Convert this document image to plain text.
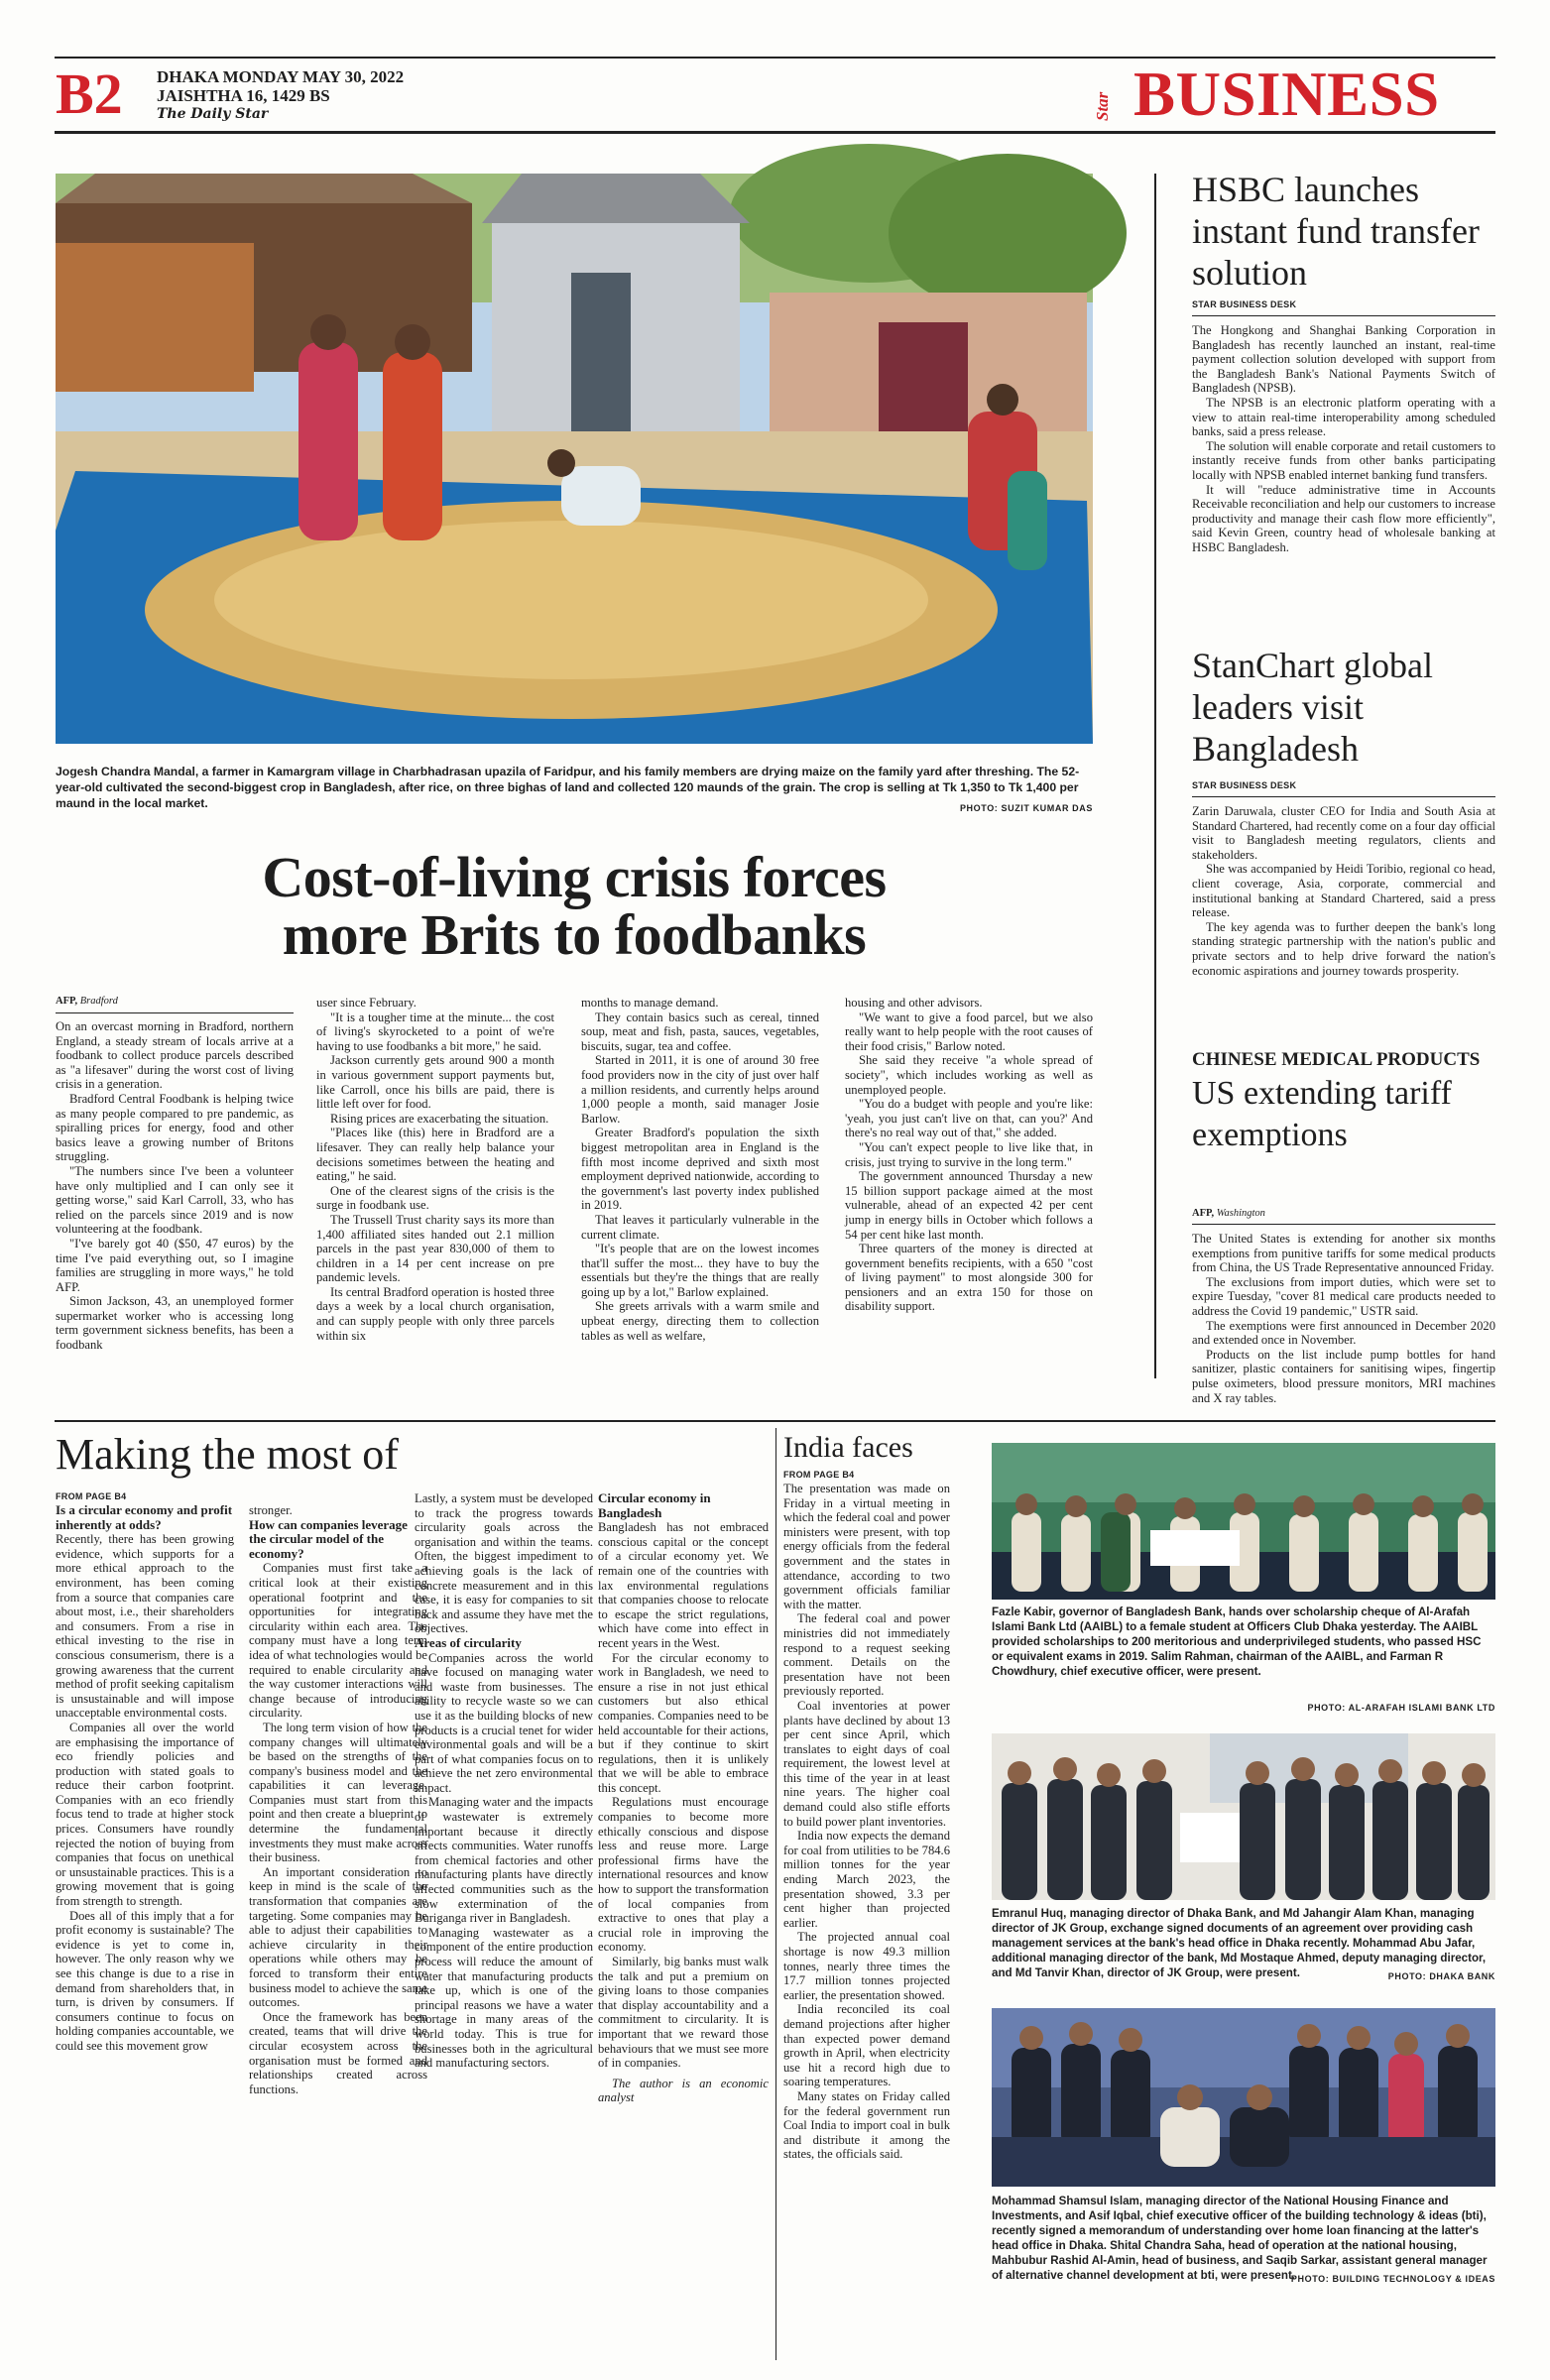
B2 DHAKA MONDAY MAY 30, 2022
JAISHTHA 16, 1429 BS
The Daily Star	Star BUSINESS
Jogesh Chandra Mandal, a farmer in Kamargram village in Charbhadrasan upazila of Faridpur, and his family members are drying maize on the family yard after threshing. The 52-year-old cultivated the second-biggest crop in Bangladesh, after rice, on three bighas of land and collected 120 maunds of the grain. The crop is selling at Tk 1,350 to Tk 1,400 per maund in the local market.	PHOTO: SUZIT KUMAR DAS
Cost-of-living crisis forces
more Brits to foodbanks
AFP, Bradford

On an overcast morning in Bradford, northern England, a steady stream of locals arrive at a foodbank to collect produce parcels described as "a lifesaver" during the worst cost of living crisis in a generation.

Bradford Central Foodbank is helping twice as many people compared to pre pandemic, as spiralling prices for energy, food and other basics leave a growing number of Britons struggling.

"The numbers since I've been a volunteer have only multiplied and I can only see it getting worse," said Karl Carroll, 33, who has relied on the parcels since 2019 and is now volunteering at the foodbank.

"I've barely got 40 ($50, 47 euros) by the time I've paid everything out, so I imagine families are struggling in more ways," he told AFP.

Simon Jackson, 43, an unemployed former supermarket worker who is accessing long term government sickness benefits, has been a foodbank

user since February.

"It is a tougher time at the minute... the cost of living's skyrocketed to a point of we're having to use foodbanks a bit more," he said.

Jackson currently gets around 900 a month in various government support payments but, like Carroll, once his bills are paid, there is little left over for food.

Rising prices are exacerbating the situation.

"Places like (this) here in Bradford are a lifesaver. They can really help balance your decisions sometimes between the heating and eating," he said.

One of the clearest signs of the crisis is the surge in foodbank use.

The Trussell Trust charity says its more than 1,400 affiliated sites handed out 2.1 million parcels in the past year 830,000 of them to children in a 14 per cent increase on pre pandemic levels.

Its central Bradford operation is hosted three days a week by a local church organisation, and can supply people with only three parcels within six

months to manage demand.

They contain basics such as cereal, tinned soup, meat and fish, pasta, sauces, vegetables, biscuits, sugar, tea and coffee.

Started in 2011, it is one of around 30 free food providers now in the city of just over half a million residents, and currently helps around 1,000 people a month, said manager Josie Barlow.

Greater Bradford's population the sixth biggest metropolitan area in England is the fifth most income deprived and sixth most employment deprived nationwide, according to the government's last poverty index published in 2019.

That leaves it particularly vulnerable in the current climate.

"It's people that are on the lowest incomes that'll suffer the most... they have to buy the essentials but they're the things that are really going up by a lot," Barlow explained.

She greets arrivals with a warm smile and upbeat energy, directing them to collection tables as well as welfare,

housing and other advisors.

"We want to give a food parcel, but we also really want to help people with the root causes of their food crisis," Barlow noted.

She said they receive "a whole spread of society", which includes working as well as unemployed people.

"You do a budget with people and you're like: 'yeah, you just can't live on that, can you?' And there's no real way out of that," she added.

"You can't expect people to live like that, in crisis, just trying to survive in the long term."

The government announced Thursday a new 15 billion support package aimed at the most vulnerable, ahead of an expected 42 per cent jump in energy bills in October which follows a 54 per cent hike last month.

Three quarters of the money is directed at government benefits recipients, with a 650 "cost of living payment" to most alongside 300 for pensioners and an extra 150 for those on disability support.

HSBC launches instant fund transfer solution
STAR BUSINESS DESK

The Hongkong and Shanghai Banking Corporation in Bangladesh has recently launched an instant, real-time payment collection solution developed with support from the Bangladesh Bank's National Payments Switch of Bangladesh (NPSB).

The NPSB is an electronic platform operating with a view to attain real-time interoperability among scheduled banks, said a press release.

The solution will enable corporate and retail customers to instantly receive funds from other banks participating locally with NPSB enabled internet banking fund transfers.

It will "reduce administrative time in Accounts Receivable reconciliation and help our customers to increase productivity and manage their cash flow more efficiently", said Kevin Green, country head of wholesale banking at HSBC Bangladesh.

StanChart global leaders visit Bangladesh
STAR BUSINESS DESK

Zarin Daruwala, cluster CEO for India and South Asia at Standard Chartered, had recently come on a four day official visit to Bangladesh meeting regulators, clients and stakeholders.

She was accompanied by Heidi Toribio, regional co head, client coverage, Asia, corporate, commercial and institutional banking at Standard Chartered, said a press release.

The key agenda was to further deepen the bank's long standing strategic partnership with the nation's public and private sectors and to help drive forward the nation's economic aspirations and journey towards prosperity.

CHINESE MEDICAL PRODUCTS
US extending tariff exemptions
AFP, Washington

The United States is extending for another six months exemptions from punitive tariffs for some medical products from China, the US Trade Representative announced Friday.

The exclusions from import duties, which were set to expire Tuesday, "cover 81 medical care products needed to address the Covid 19 pandemic," USTR said.

The exemptions were first announced in December 2020 and extended once in November.

Products on the list include pump bottles for hand sanitizer, plastic containers for sanitising wipes, fingertip pulse oximeters, blood pressure monitors, MRI machines and X ray tables.

Making the most of
FROM PAGE B4
Is a circular economy and profit inherently at odds?

Recently, there has been growing evidence, which supports for a more ethical approach to the environment, has been coming from a source that companies care about most, i.e., their shareholders and consumers. From a rise in ethical investing to the rise in conscious consumerism, there is a growing awareness that the current method of profit seeking capitalism is unsustainable and will impose unacceptable environmental costs.

Companies all over the world are emphasising the importance of eco friendly policies and production with stated goals to reduce their carbon footprint. Companies with an eco friendly focus tend to trade at higher stock prices. Consumers have roundly rejected the notion of buying from companies that focus on unethical or unsustainable practices. This is a growing movement that is going from strength to strength.

Does all of this imply that a for profit economy is sustainable? The evidence is yet to come in, however. The only reason why we see this change is due to a rise in demand from shareholders that, in turn, is driven by consumers. If consumers continue to focus on holding companies accountable, we could see this movement grow

stronger.

How can companies leverage the circular model of the economy?

Companies must first take a critical look at their existing operational footprint and the opportunities for integrating circularity within each area. The company must have a long term idea of what technologies would be required to enable circularity and the way customer interactions will change because of introducing circularity.

The long term vision of how the company changes will ultimately be based on the strengths of the company's business model and the capabilities it can leverage. Companies must start from this point and then create a blueprint to determine the fundamental investments they must make across their business.

An important consideration to keep in mind is the scale of the transformation that companies are targeting. Some companies may be able to adjust their capabilities to achieve circularity in their operations while others may be forced to transform their entire business model to achieve the same outcomes.

Once the framework has been created, teams that will drive the circular ecosystem across the organisation must be formed and relationships created across functions.

Lastly, a system must be developed to track the progress towards circularity goals across the organisation and within the teams. Often, the biggest impediment to achieving goals is the lack of concrete measurement and in this case, it is easy for companies to sit back and assume they have met the objectives.

Areas of circularity

Companies across the world have focused on managing water and waste from businesses. The ability to recycle waste so we can use it as the building blocks of new products is a crucial tenet for wider environmental goals and will be a part of what companies focus on to achieve the net zero environmental impact.

Managing water and the impacts of wastewater is extremely important because it directly affects communities. Water runoffs from chemical factories and other manufacturing plants have directly affected communities such as the slow extermination of the Buriganga river in Bangladesh.

Managing wastewater as a component of the entire production process will reduce the amount of water that manufacturing products take up, which is one of the principal reasons we have a water shortage in many areas of the world today. This is true for businesses both in the agricultural and manufacturing sectors.

Circular economy in Bangladesh

Bangladesh has not embraced conscious capital or the concept of a circular economy yet. We remain one of the countries with lax environmental regulations that companies choose to relocate to escape the strict regulations, which have come into effect in recent years in the West.

For the circular economy to work in Bangladesh, we need to ensure a rise in not just ethical customers but also ethical companies. Companies need to be held accountable for their actions, but if they continue to skirt regulations, then it is unlikely that we will be able to embrace this concept.

Regulations must encourage companies to become more ethically conscious and dispose less and reuse more. Large professional firms have the international resources and know how to support the transformation of local companies from extractive to ones that play a crucial role in improving the economy.

Similarly, big banks must walk the talk and put a premium on giving loans to those companies that display accountability and a commitment to circularity. It is important that we reward those behaviours that we must see more of in companies.

The author is an economic analyst

India faces
FROM PAGE B4

The presentation was made on Friday in a virtual meeting in which the federal coal and power ministers were present, with top energy officials from the federal government and the states in attendance, according to two government officials familiar with the matter.

The federal coal and power ministries did not immediately respond to a request seeking comment. Details on the presentation have not been previously reported.

Coal inventories at power plants have declined by about 13 per cent since April, which translates to eight days of coal requirement, the lowest level at this time of the year in at least nine years. The higher coal demand could also stifle efforts to build power plant inventories.

India now expects the demand for coal from utilities to be 784.6 million tonnes for the year ending March 2023, the presentation showed, 3.3 per cent higher than projected earlier.

The projected annual coal shortage is now 49.3 million tonnes, nearly three times the 17.7 million tonnes projected earlier, the presentation showed.

India reconciled its coal demand projections after higher than expected power demand growth in April, when electricity use hit a record high due to soaring temperatures.

Many states on Friday called for the federal government run Coal India to import coal in bulk and distribute it among the states, the officials said.

Fazle Kabir, governor of Bangladesh Bank, hands over scholarship cheque of Al-Arafah Islami Bank Ltd (AAIBL) to a female student at Officers Club Dhaka yesterday. The AAIBL provided scholarships to 200 meritorious and underprivileged students, who passed HSC or equivalent exams in 2019. Salim Rahman, chairman of the AAIBL, and Farman R Chowdhury, chief executive officer, were present.
PHOTO: AL-ARAFAH ISLAMI BANK LTD
Emranul Huq, managing director of Dhaka Bank, and Md Jahangir Alam Khan, managing director of JK Group, exchange signed documents of an agreement over providing cash management services at the bank's head office in Dhaka recently. Mohammad Abu Jafar, additional managing director of the bank, Md Mostaque Ahmed, deputy managing director, and Md Tanvir Khan, director of JK Group, were present.	PHOTO: DHAKA BANK
Mohammad Shamsul Islam, managing director of the National Housing Finance and Investments, and Asif Iqbal, chief executive officer of the building technology & ideas (bti), recently signed a memorandum of understanding over home loan financing at the latter's head office in Dhaka. Shital Chandra Saha, head of operation at the national housing, Mahbubur Rashid Al-Amin, head of business, and Saqib Sarkar, assistant general manager of alternative channel development at bti, were present.
PHOTO: BUILDING TECHNOLOGY & IDEAS
